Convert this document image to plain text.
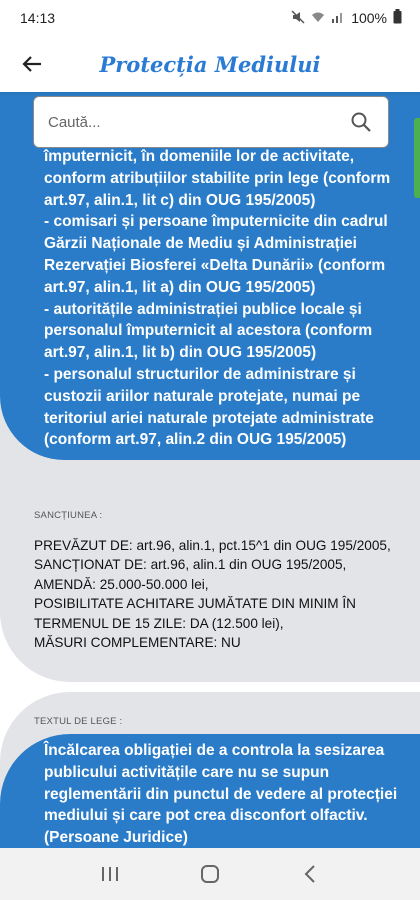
14:13	100%
Protecția Mediului
Caută...
împuternicit, în domeniile lor de activitate,
conform atribuțiilor stabilite prin lege (conform
art.97, alin.1, lit c) din OUG 195/2005)
- comisari și persoane împuternicite din cadrul
Gărzii Naționale de Mediu și Administrației
Rezervației Biosferei «Delta Dunării» (conform
art.97, alin.1, lit a) din OUG 195/2005)
- autoritățile administrației publice locale și
personalul împuternicit al acestora (conform
art.97, alin.1, lit b) din OUG 195/2005)
- personalul structurilor de administrare și
custozii ariilor naturale protejate, numai pe
teritoriul ariei naturale protejate administrate
(conform art.97, alin.2 din OUG 195/2005)
SANCȚIUNEA :
PREVĂZUT DE: art.96, alin.1, pct.15^1 din OUG 195/2005,
SANCȚIONAT DE: art.96, alin.1 din OUG 195/2005,
AMENDĂ: 25.000-50.000 lei,
POSIBILITATE ACHITARE JUMĂTATE DIN MINIM ÎN
TERMENUL DE 15 ZILE: DA (12.500 lei),
MĂSURI COMPLEMENTARE: NU
TEXTUL DE LEGE :
Încălcarea obligației de a controla la sesizarea
publicului activitățile care nu se supun
reglementării din punctul de vedere al protecției
mediului și care pot crea disconfort olfactiv.
(Persoane Juridice)
